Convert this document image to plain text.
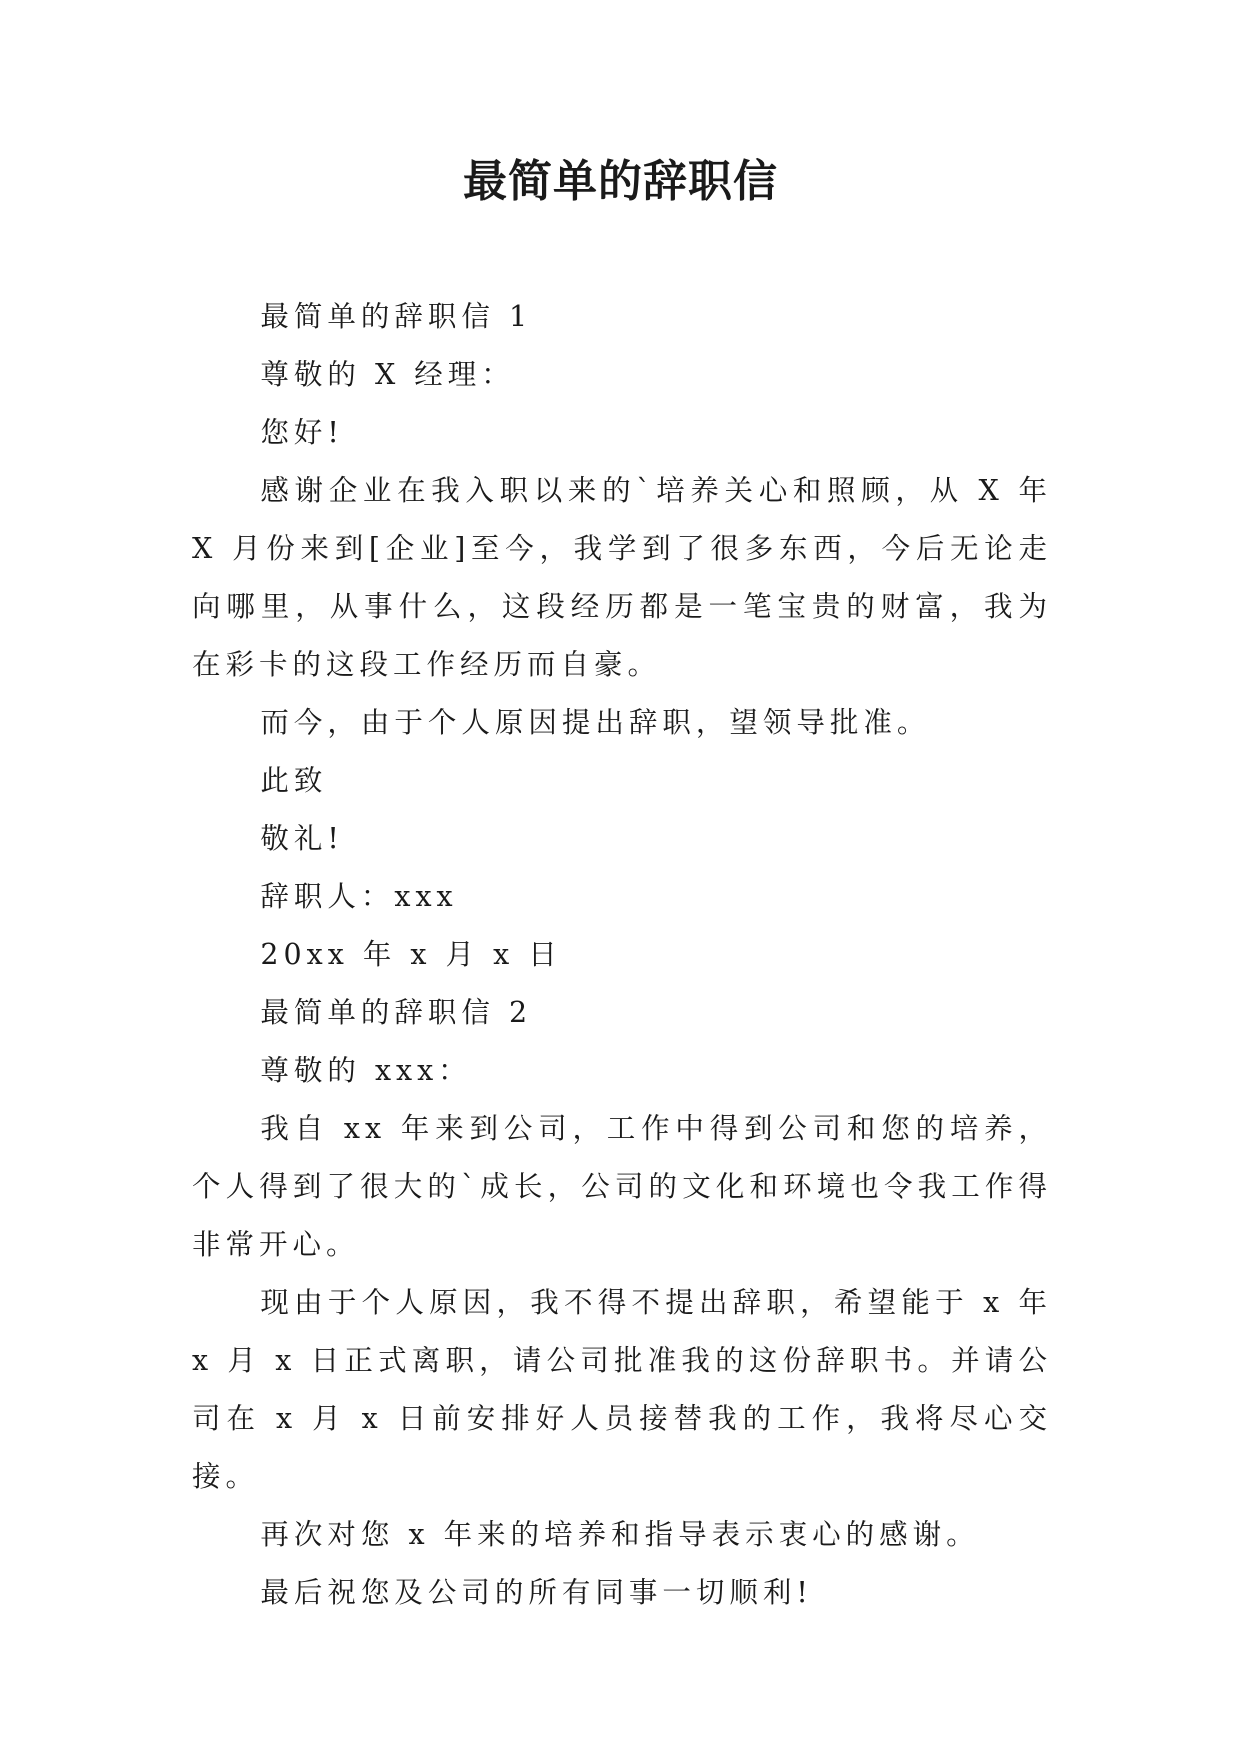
最简单的辞职信

最简单的辞职信 1

尊敬的 X 经理：

您好!

感谢企业在我入职以来的`培养关心和照顾，从 X 年 X 月份来到[企业]至今，我学到了很多东西，今后无论走向哪里，从事什么，这段经历都是一笔宝贵的财富，我为在彩卡的这段工作经历而自豪。

而今，由于个人原因提出辞职，望领导批准。

此致

敬礼!

辞职人：xxx

20xx 年 x 月 x 日

最简单的辞职信 2

尊敬的 xxx：

我自 xx 年来到公司，工作中得到公司和您的培养，个人得到了很大的`成长，公司的文化和环境也令我工作得非常开心。

现由于个人原因，我不得不提出辞职，希望能于 x 年 x 月 x 日正式离职，请公司批准我的这份辞职书。并请公司在 x 月 x 日前安排好人员接替我的工作，我将尽心交接。

再次对您 x 年来的培养和指导表示衷心的感谢。

最后祝您及公司的所有同事一切顺利!
